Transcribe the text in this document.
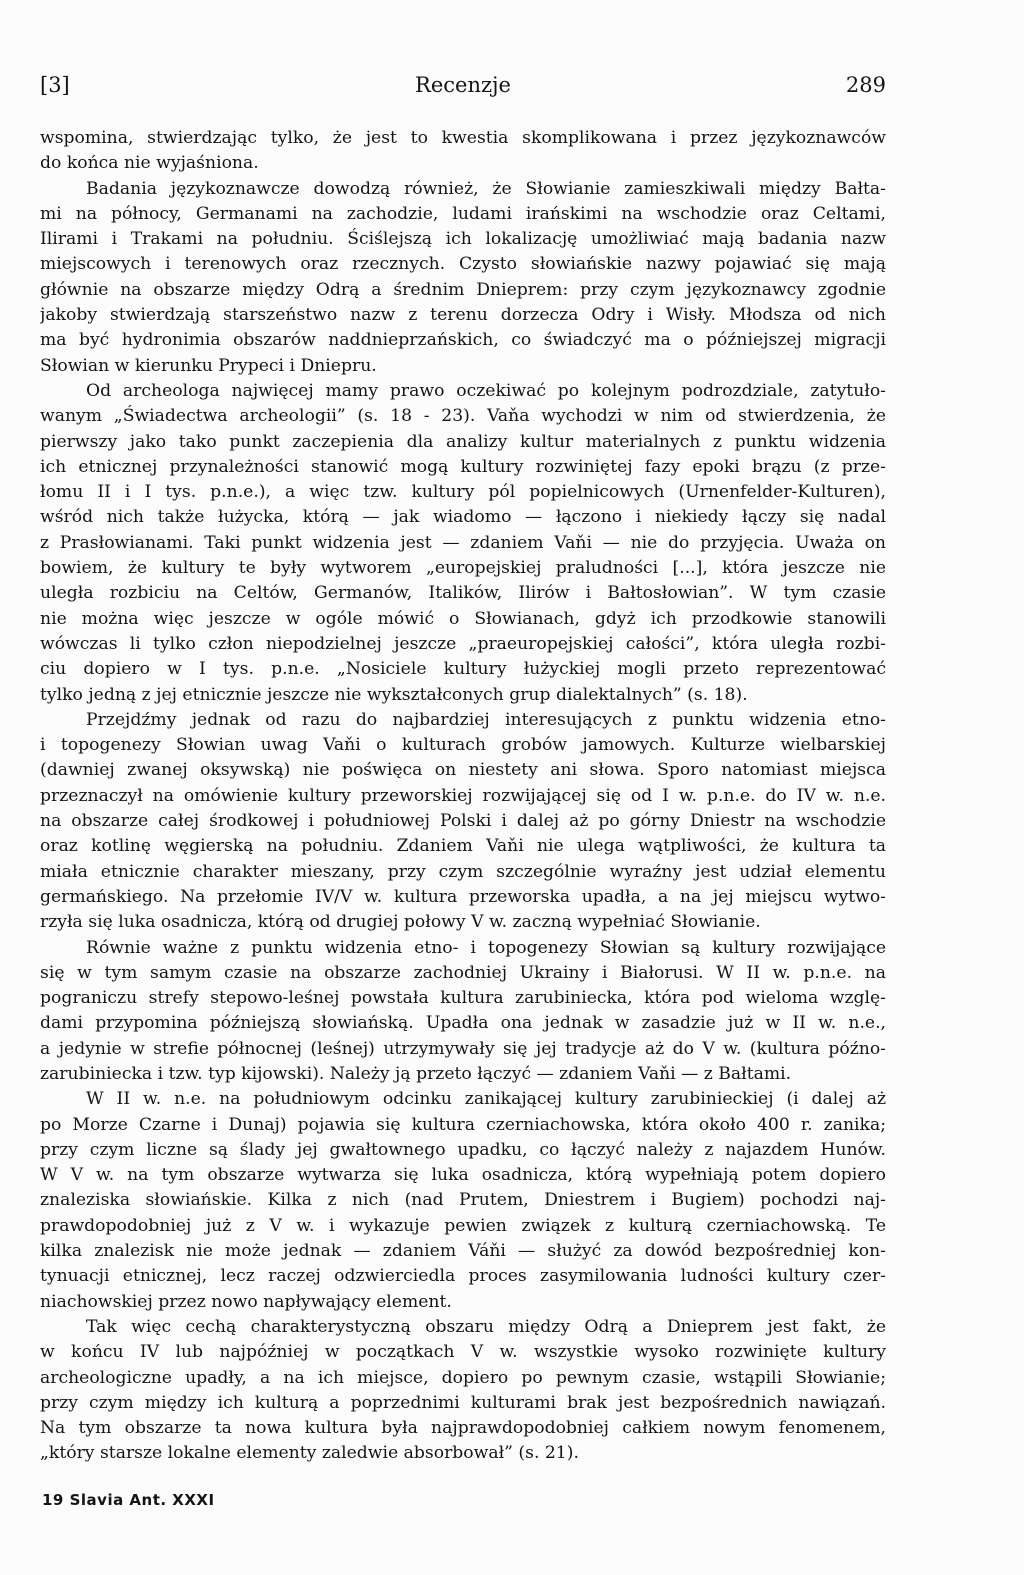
[3]	Recenzje	289
wspomina, stwierdzając tylko, że jest to kwestia skomplikowana i przez językoznawców
do końca nie wyjaśniona.
Badania językoznawcze dowodzą również, że Słowianie zamieszkiwali między Bałta-
mi na północy, Germanami na zachodzie, ludami irańskimi na wschodzie oraz Celtami,
Ilirami i Trakami na południu. Ściślejszą ich lokalizację umożliwiać mają badania nazw
miejscowych i terenowych oraz rzecznych. Czysto słowiańskie nazwy pojawiać się mają
głównie na obszarze między Odrą a średnim Dnieprem: przy czym językoznawcy zgodnie
jakoby stwierdzają starszeństwo nazw z terenu dorzecza Odry i Wisły. Młodsza od nich
ma być hydronimia obszarów naddnieprzańskich, co świadczyć ma o późniejszej migracji
Słowian w kierunku Prypeci i Dniepru.
Od archeologa najwięcej mamy prawo oczekiwać po kolejnym podrozdziale, zatytuło-
wanym „Świadectwa archeologii” (s. 18 - 23). Vaňa wychodzi w nim od stwierdzenia, że
pierwszy jako tako punkt zaczepienia dla analizy kultur materialnych z punktu widzenia
ich etnicznej przynależności stanowić mogą kultury rozwiniętej fazy epoki brązu (z prze-
łomu II i I tys. p.n.e.), a więc tzw. kultury pól popielnicowych (Urnenfelder-Kulturen),
wśród nich także łużycka, którą — jak wiadomo — łączono i niekiedy łączy się nadal
z Prasłowianami. Taki punkt widzenia jest — zdaniem Vaňi — nie do przyjęcia. Uważa on
bowiem, że kultury te były wytworem „europejskiej praludności [...], która jeszcze nie
uległa rozbiciu na Celtów, Germanów, Italików, Ilirów i Bałtosłowian”. W tym czasie
nie można więc jeszcze w ogóle mówić o Słowianach, gdyż ich przodkowie stanowili
wówczas li tylko człon niepodzielnej jeszcze „praeuropejskiej całości”, która uległa rozbi-
ciu dopiero w I tys. p.n.e. „Nosiciele kultury łużyckiej mogli przeto reprezentować
tylko jedną z jej etnicznie jeszcze nie wykształconych grup dialektalnych” (s. 18).
Przejdźmy jednak od razu do najbardziej interesujących z punktu widzenia etno-
i topogenezy Słowian uwag Vaňi o kulturach grobów jamowych. Kulturze wielbarskiej
(dawniej zwanej oksywską) nie poświęca on niestety ani słowa. Sporo natomiast miejsca
przeznaczył na omówienie kultury przeworskiej rozwijającej się od I w. p.n.e. do IV w. n.e.
na obszarze całej środkowej i południowej Polski i dalej aż po górny Dniestr na wschodzie
oraz kotlinę węgierską na południu. Zdaniem Vaňi nie ulega wątpliwości, że kultura ta
miała etnicznie charakter mieszany, przy czym szczególnie wyraźny jest udział elementu
germańskiego. Na przełomie IV/V w. kultura przeworska upadła, a na jej miejscu wytwo-
rzyła się luka osadnicza, którą od drugiej połowy V w. zaczną wypełniać Słowianie.
Równie ważne z punktu widzenia etno- i topogenezy Słowian są kultury rozwijające
się w tym samym czasie na obszarze zachodniej Ukrainy i Białorusi. W II w. p.n.e. na
pograniczu strefy stepowo-leśnej powstała kultura zarubiniecka, która pod wieloma wzglę-
dami przypomina późniejszą słowiańską. Upadła ona jednak w zasadzie już w II w. n.e.,
a jedynie w strefie północnej (leśnej) utrzymywały się jej tradycje aż do V w. (kultura późno-
zarubiniecka i tzw. typ kijowski). Należy ją przeto łączyć — zdaniem Vaňi — z Bałtami.
W II w. n.e. na południowym odcinku zanikającej kultury zarubinieckiej (i dalej aż
po Morze Czarne i Dunaj) pojawia się kultura czerniachowska, która około 400 r. zanika;
przy czym liczne są ślady jej gwałtownego upadku, co łączyć należy z najazdem Hunów.
W V w. na tym obszarze wytwarza się luka osadnicza, którą wypełniają potem dopiero
znaleziska słowiańskie. Kilka z nich (nad Prutem, Dniestrem i Bugiem) pochodzi naj-
prawdopodobniej już z V w. i wykazuje pewien związek z kulturą czerniachowską. Te
kilka znalezisk nie może jednak — zdaniem Váňi — służyć za dowód bezpośredniej kon-
tynuacji etnicznej, lecz raczej odzwierciedla proces zasymilowania ludności kultury czer-
niachowskiej przez nowo napływający element.
Tak więc cechą charakterystyczną obszaru między Odrą a Dnieprem jest fakt, że
w końcu IV lub najpóźniej w początkach V w. wszystkie wysoko rozwinięte kultury
archeologiczne upadły, a na ich miejsce, dopiero po pewnym czasie, wstąpili Słowianie;
przy czym między ich kulturą a poprzednimi kulturami brak jest bezpośrednich nawiązań.
Na tym obszarze ta nowa kultura była najprawdopodobniej całkiem nowym fenomenem,
„który starsze lokalne elementy zaledwie absorbował” (s. 21).
19 Slavia Ant. XXXI
